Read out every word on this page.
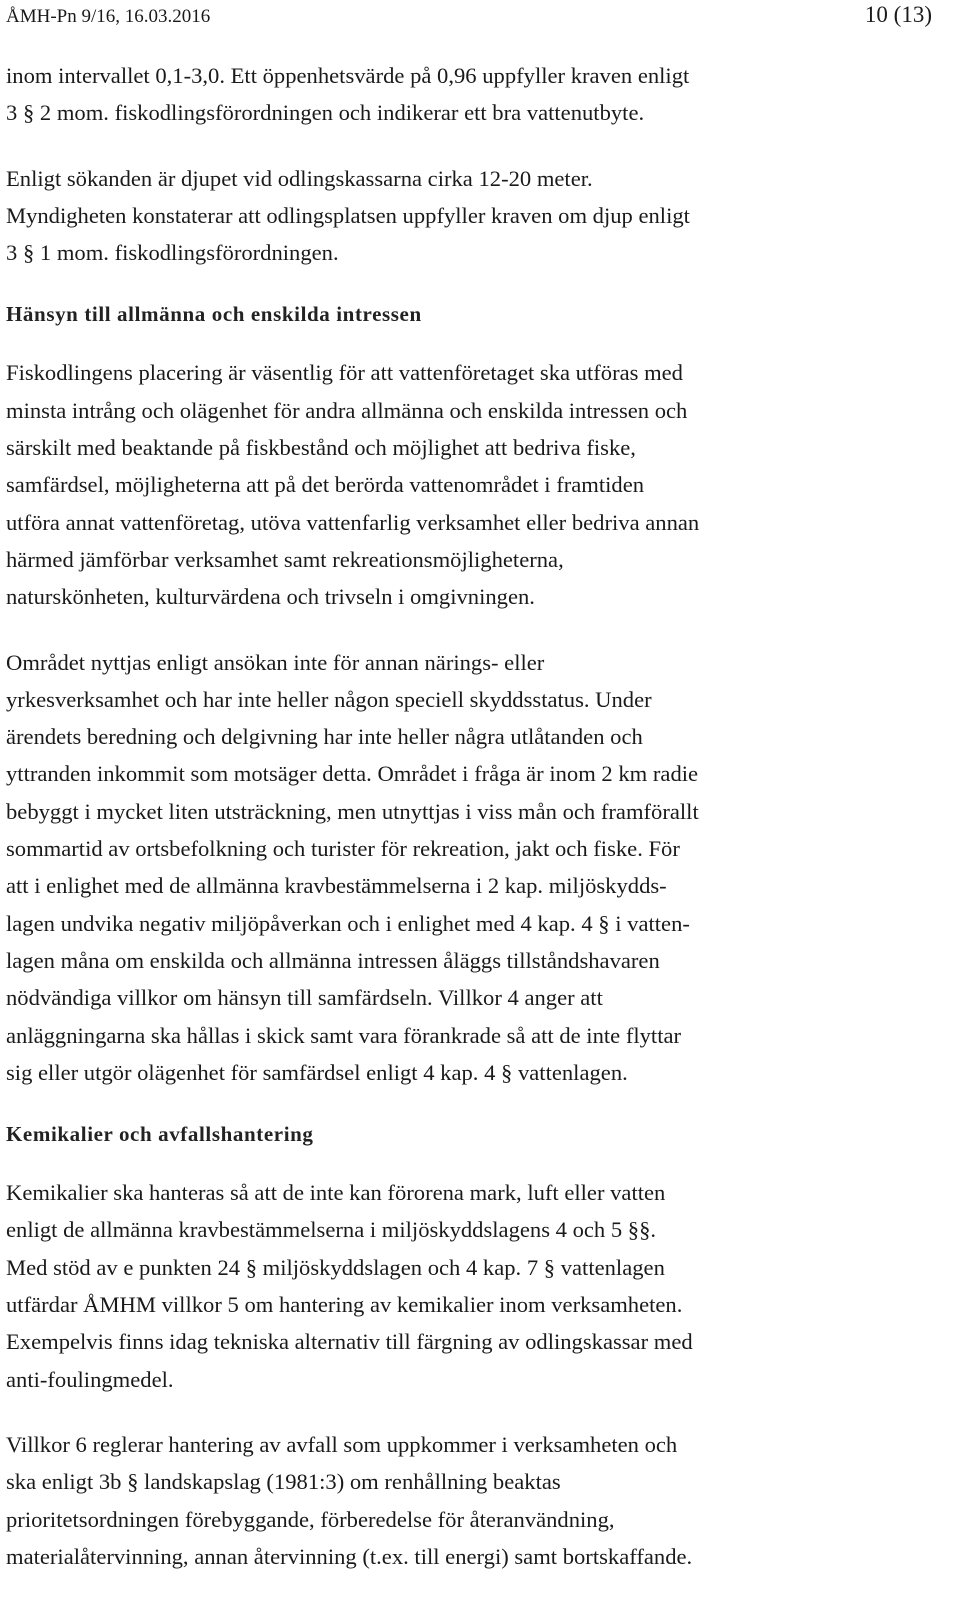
ÅMH-Pn 9/16, 16.03.2016	10 (13)

inom intervallet 0,1-3,0. Ett öppenhetsvärde på 0,96 uppfyller kraven enligt
3 § 2 mom. fiskodlingsförordningen och indikerar ett bra vattenutbyte.

Enligt sökanden är djupet vid odlingskassarna cirka 12-20 meter.
Myndigheten konstaterar att odlingsplatsen uppfyller kraven om djup enligt
3 § 1 mom. fiskodlingsförordningen.

Hänsyn till allmänna och enskilda intressen

Fiskodlingens placering är väsentlig för att vattenföretaget ska utföras med
minsta intrång och olägenhet för andra allmänna och enskilda intressen och
särskilt med beaktande på fiskbestånd och möjlighet att bedriva fiske,
samfärdsel, möjligheterna att på det berörda vattenområdet i framtiden
utföra annat vattenföretag, utöva vattenfarlig verksamhet eller bedriva annan
härmed jämförbar verksamhet samt rekreationsmöjligheterna,
naturskönheten, kulturvärdena och trivseln i omgivningen.

Området nyttjas enligt ansökan inte för annan närings- eller
yrkesverksamhet och har inte heller någon speciell skyddsstatus. Under
ärendets beredning och delgivning har inte heller några utlåtanden och
yttranden inkommit som motsäger detta. Området i fråga är inom 2 km radie
bebyggt i mycket liten utsträckning, men utnyttjas i viss mån och framförallt
sommartid av ortsbefolkning och turister för rekreation, jakt och fiske. För
att i enlighet med de allmänna kravbestämmelserna i 2 kap. miljöskydds-
lagen undvika negativ miljöpåverkan och i enlighet med 4 kap. 4 § i vatten-
lagen måna om enskilda och allmänna intressen åläggs tillståndshavaren
nödvändiga villkor om hänsyn till samfärdseln. Villkor 4 anger att
anläggningarna ska hållas i skick samt vara förankrade så att de inte flyttar
sig eller utgör olägenhet för samfärdsel enligt 4 kap. 4 § vattenlagen.

Kemikalier och avfallshantering

Kemikalier ska hanteras så att de inte kan förorena mark, luft eller vatten
enligt de allmänna kravbestämmelserna i miljöskyddslagens 4 och 5 §§.
Med stöd av e punkten 24 § miljöskyddslagen och 4 kap. 7 § vattenlagen
utfärdar ÅMHM villkor 5 om hantering av kemikalier inom verksamheten.
Exempelvis finns idag tekniska alternativ till färgning av odlingskassar med
anti-foulingmedel.

Villkor 6 reglerar hantering av avfall som uppkommer i verksamheten och
ska enligt 3b § landskapslag (1981:3) om renhållning beaktas
prioritetsordningen förebyggande, förberedelse för återanvändning,
materialåtervinning, annan återvinning (t.ex. till energi) samt bortskaffande.
